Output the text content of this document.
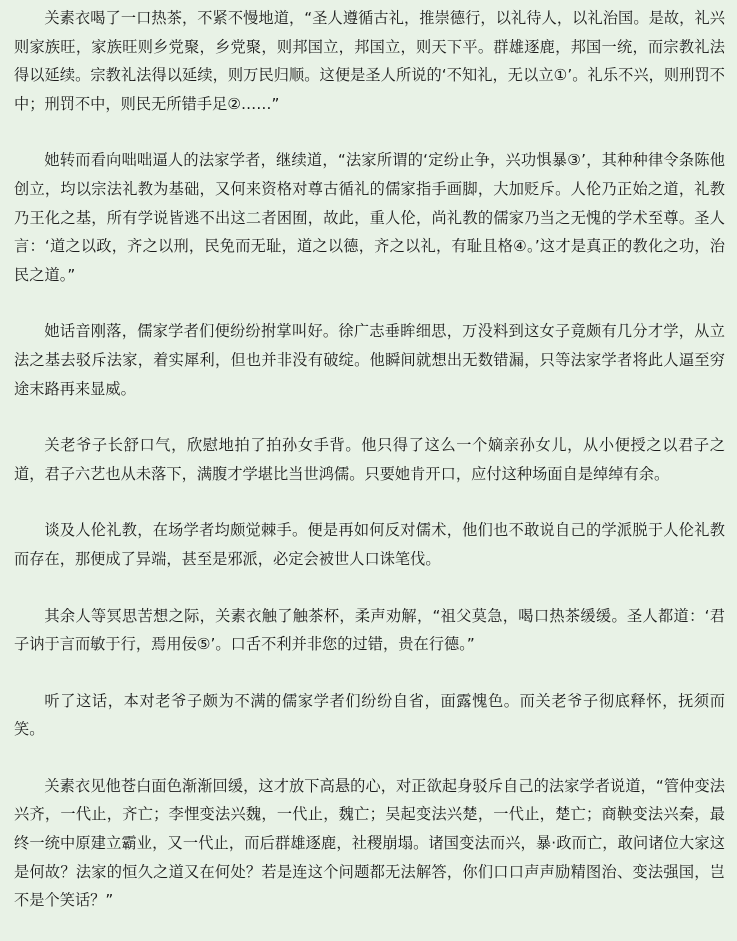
关素衣喝了一口热茶，不紧不慢地道，“圣人遵循古礼，推崇德行，以礼待人，以礼治国。是故，礼兴则家族旺，家族旺则乡党聚，乡党聚，则邦国立，邦国立，则天下平。群雄逐鹿，邦国一统，而宗教礼法得以延续。宗教礼法得以延续，则万民归顺。这便是圣人所说的‘不知礼，无以立①’。礼乐不兴，则刑罚不中；刑罚不中，则民无所错手足②……”

她转而看向咄咄逼人的法家学者，继续道，“法家所谓的‘定纷止争，兴功惧暴③’，其种种律令条陈他创立，均以宗法礼教为基础，又何来资格对尊古循礼的儒家指手画脚，大加贬斥。人伦乃正始之道，礼教乃王化之基，所有学说皆逃不出这二者困囿，故此，重人伦，尚礼教的儒家乃当之无愧的学术至尊。圣人言：‘道之以政，齐之以刑，民免而无耻，道之以德，齐之以礼，有耻且格④。’这才是真正的教化之功，治民之道。”

她话音刚落，儒家学者们便纷纷拊掌叫好。徐广志垂眸细思，万没料到这女子竟颇有几分才学，从立法之基去驳斥法家，着实犀利，但也并非没有破绽。他瞬间就想出无数错漏，只等法家学者将此人逼至穷途末路再来显威。

关老爷子长舒口气，欣慰地拍了拍孙女手背。他只得了这么一个嫡亲孙女儿，从小便授之以君子之道，君子六艺也从未落下，满腹才学堪比当世鸿儒。只要她肯开口，应付这种场面自是绰绰有余。

谈及人伦礼教，在场学者均颇觉棘手。便是再如何反对儒术，他们也不敢说自己的学派脱于人伦礼教而存在，那便成了异端，甚至是邪派，必定会被世人口诛笔伐。

其余人等冥思苦想之际，关素衣触了触茶杯，柔声劝解，“祖父莫急，喝口热茶缓缓。圣人都道：‘君子讷于言而敏于行，焉用佞⑤’。口舌不利并非您的过错，贵在行德。”

听了这话，本对老爷子颇为不满的儒家学者们纷纷自省，面露愧色。而关老爷子彻底释怀，抚须而笑。

关素衣见他苍白面色渐渐回缓，这才放下高悬的心，对正欲起身驳斥自己的法家学者说道，“管仲变法兴齐，一代止，齐亡；李悝变法兴魏，一代止，魏亡；吴起变法兴楚，一代止，楚亡；商鞅变法兴秦，最终一统中原建立霸业，又一代止，而后群雄逐鹿，社稷崩塌。诸国变法而兴，暴·政而亡，敢问诸位大家这是何故？法家的恒久之道又在何处？若是连这个问题都无法解答，你们口口声声励精图治、变法强国，岂不是个笑话？”
